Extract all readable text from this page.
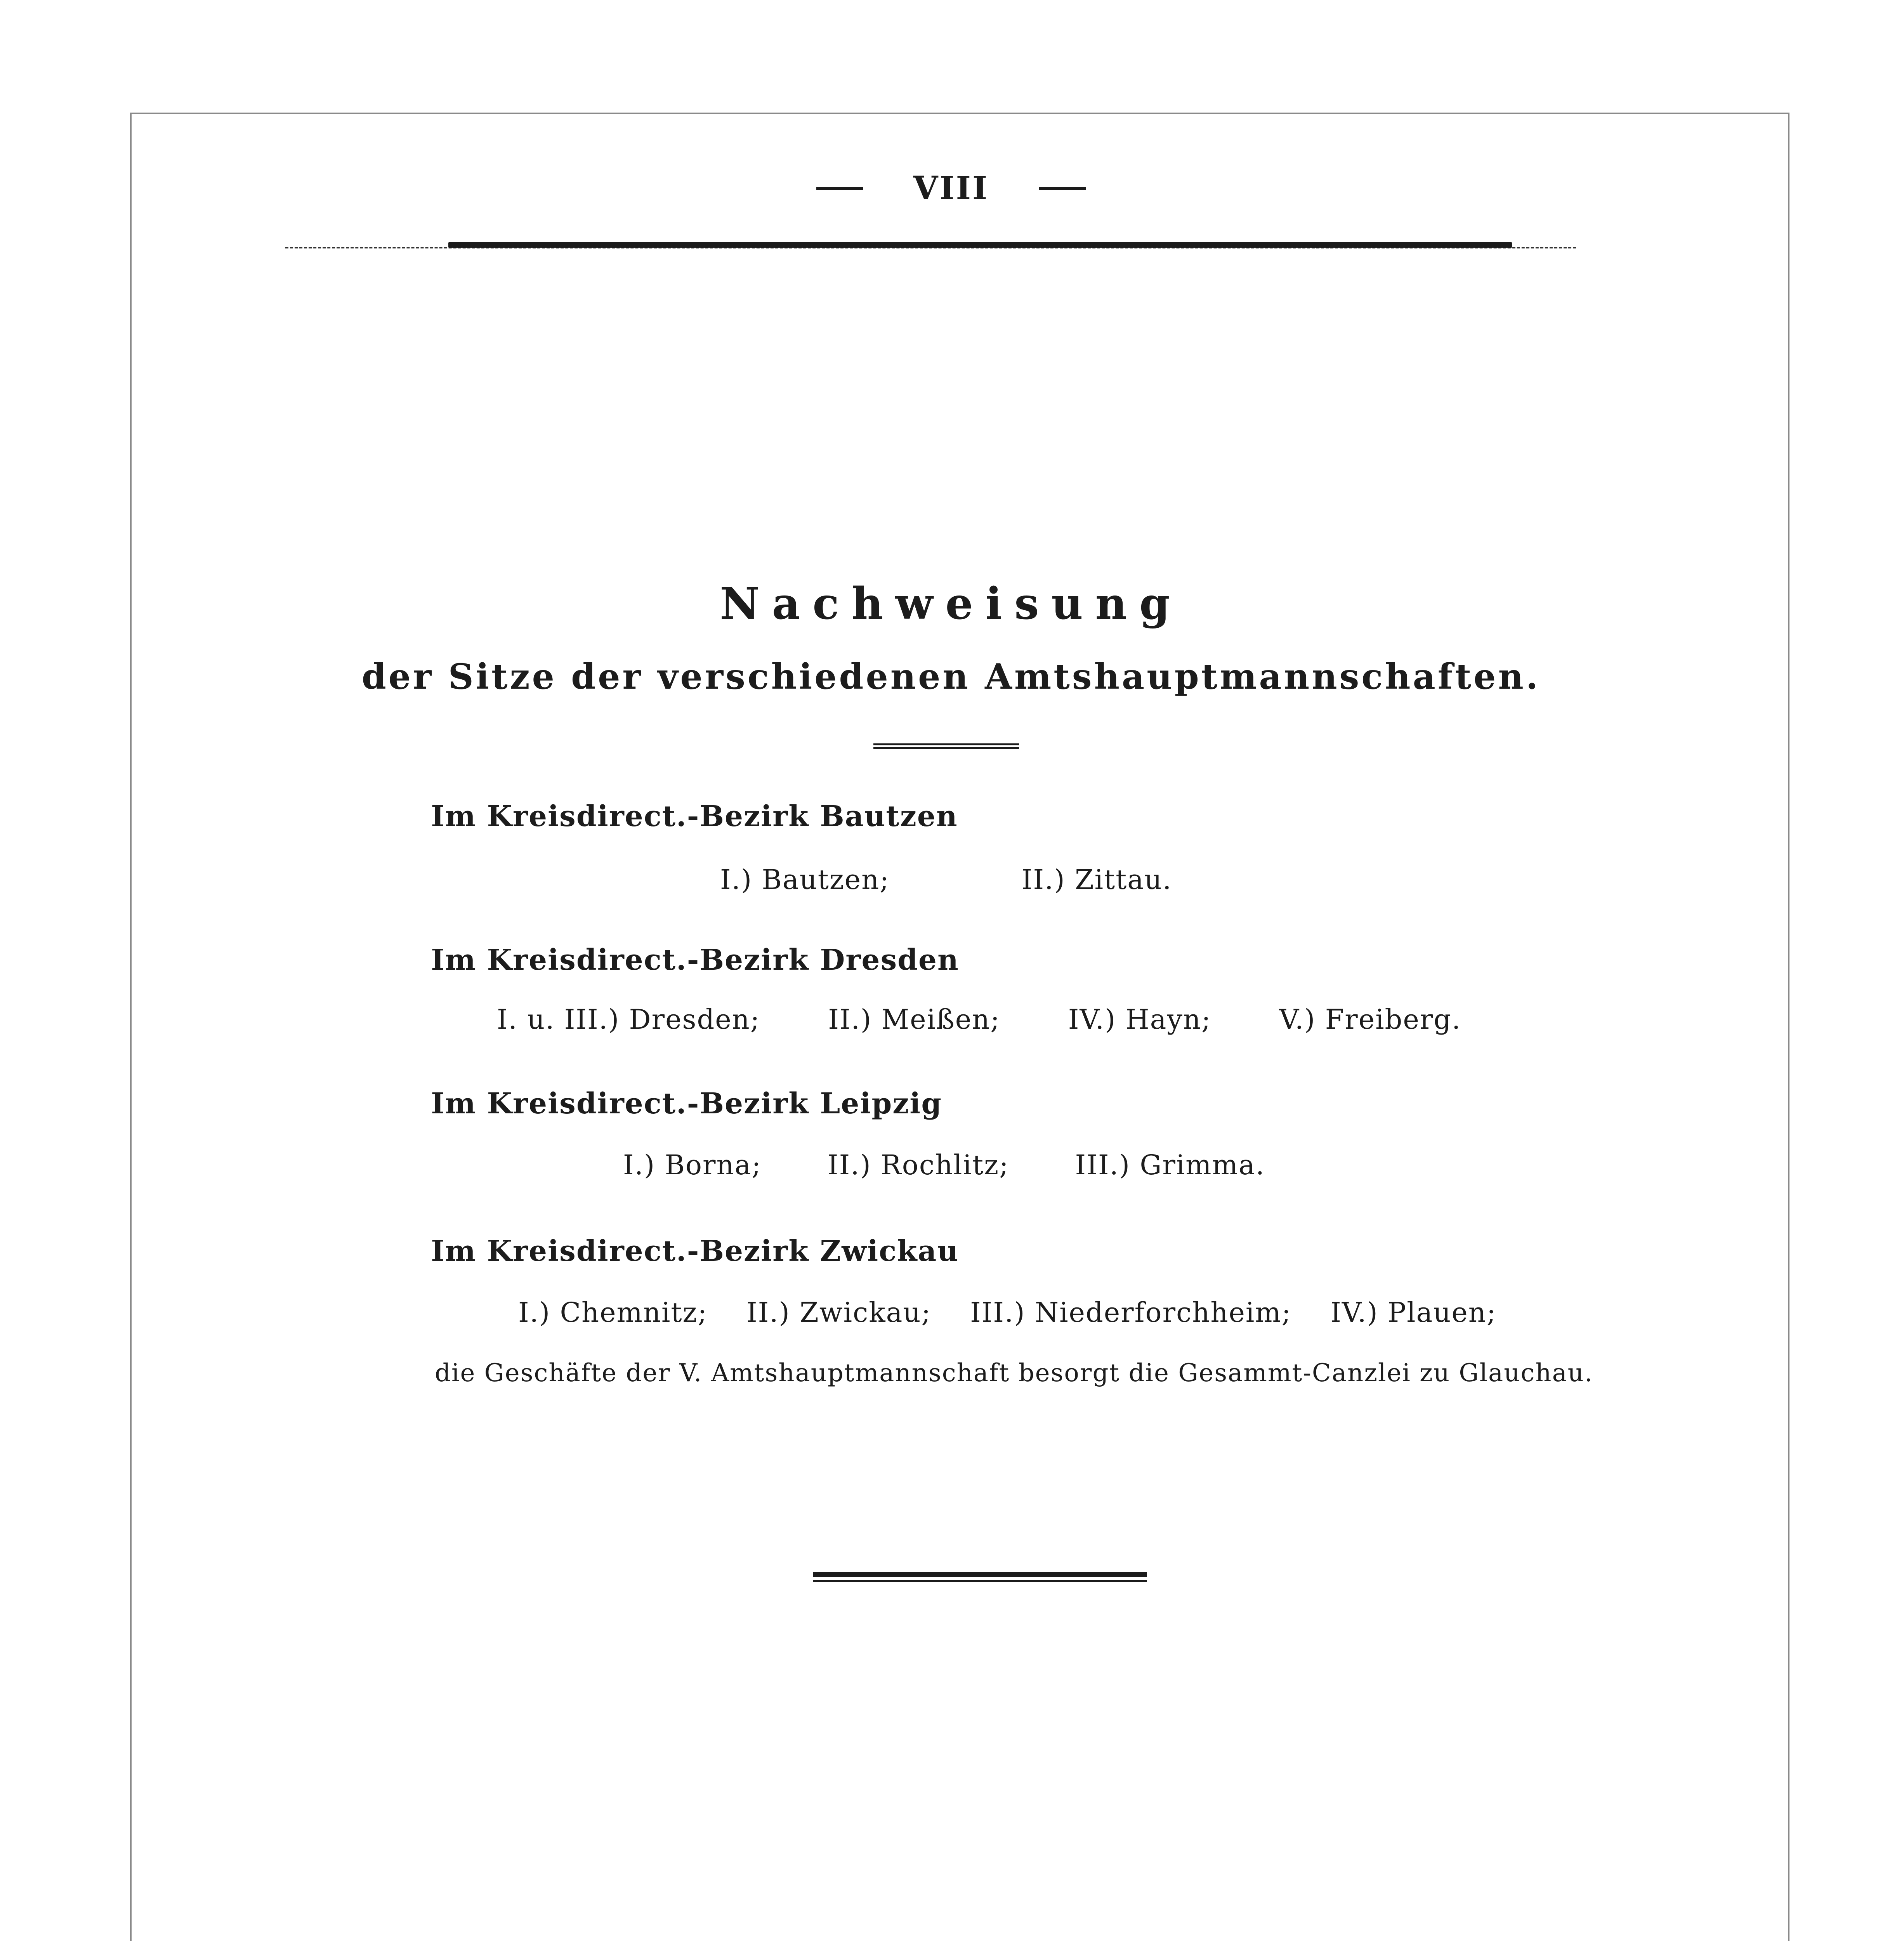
VIII
Nachweisung
der Sitze der verschiedenen Amtshauptmannschaften.
Im Kreisdirect.-Bezirk Bautzen
I.) Bautzen;	II.) Zittau.
Im Kreisdirect.-Bezirk Dresden
I. u. III.) Dresden;	II.) Meißen;	IV.) Hayn;	V.) Freiberg.
Im Kreisdirect.-Bezirk Leipzig
I.) Borna; II.) Rochlitz; III.) Grimma.
Im Kreisdirect.-Bezirk Zwickau
I.) Chemnitz; II.) Zwickau; III.) Niederforchheim; IV.) Plauen;
die Geschäfte der V. Amtshauptmannschaft besorgt die Gesammt-Canzlei zu Glauchau.
